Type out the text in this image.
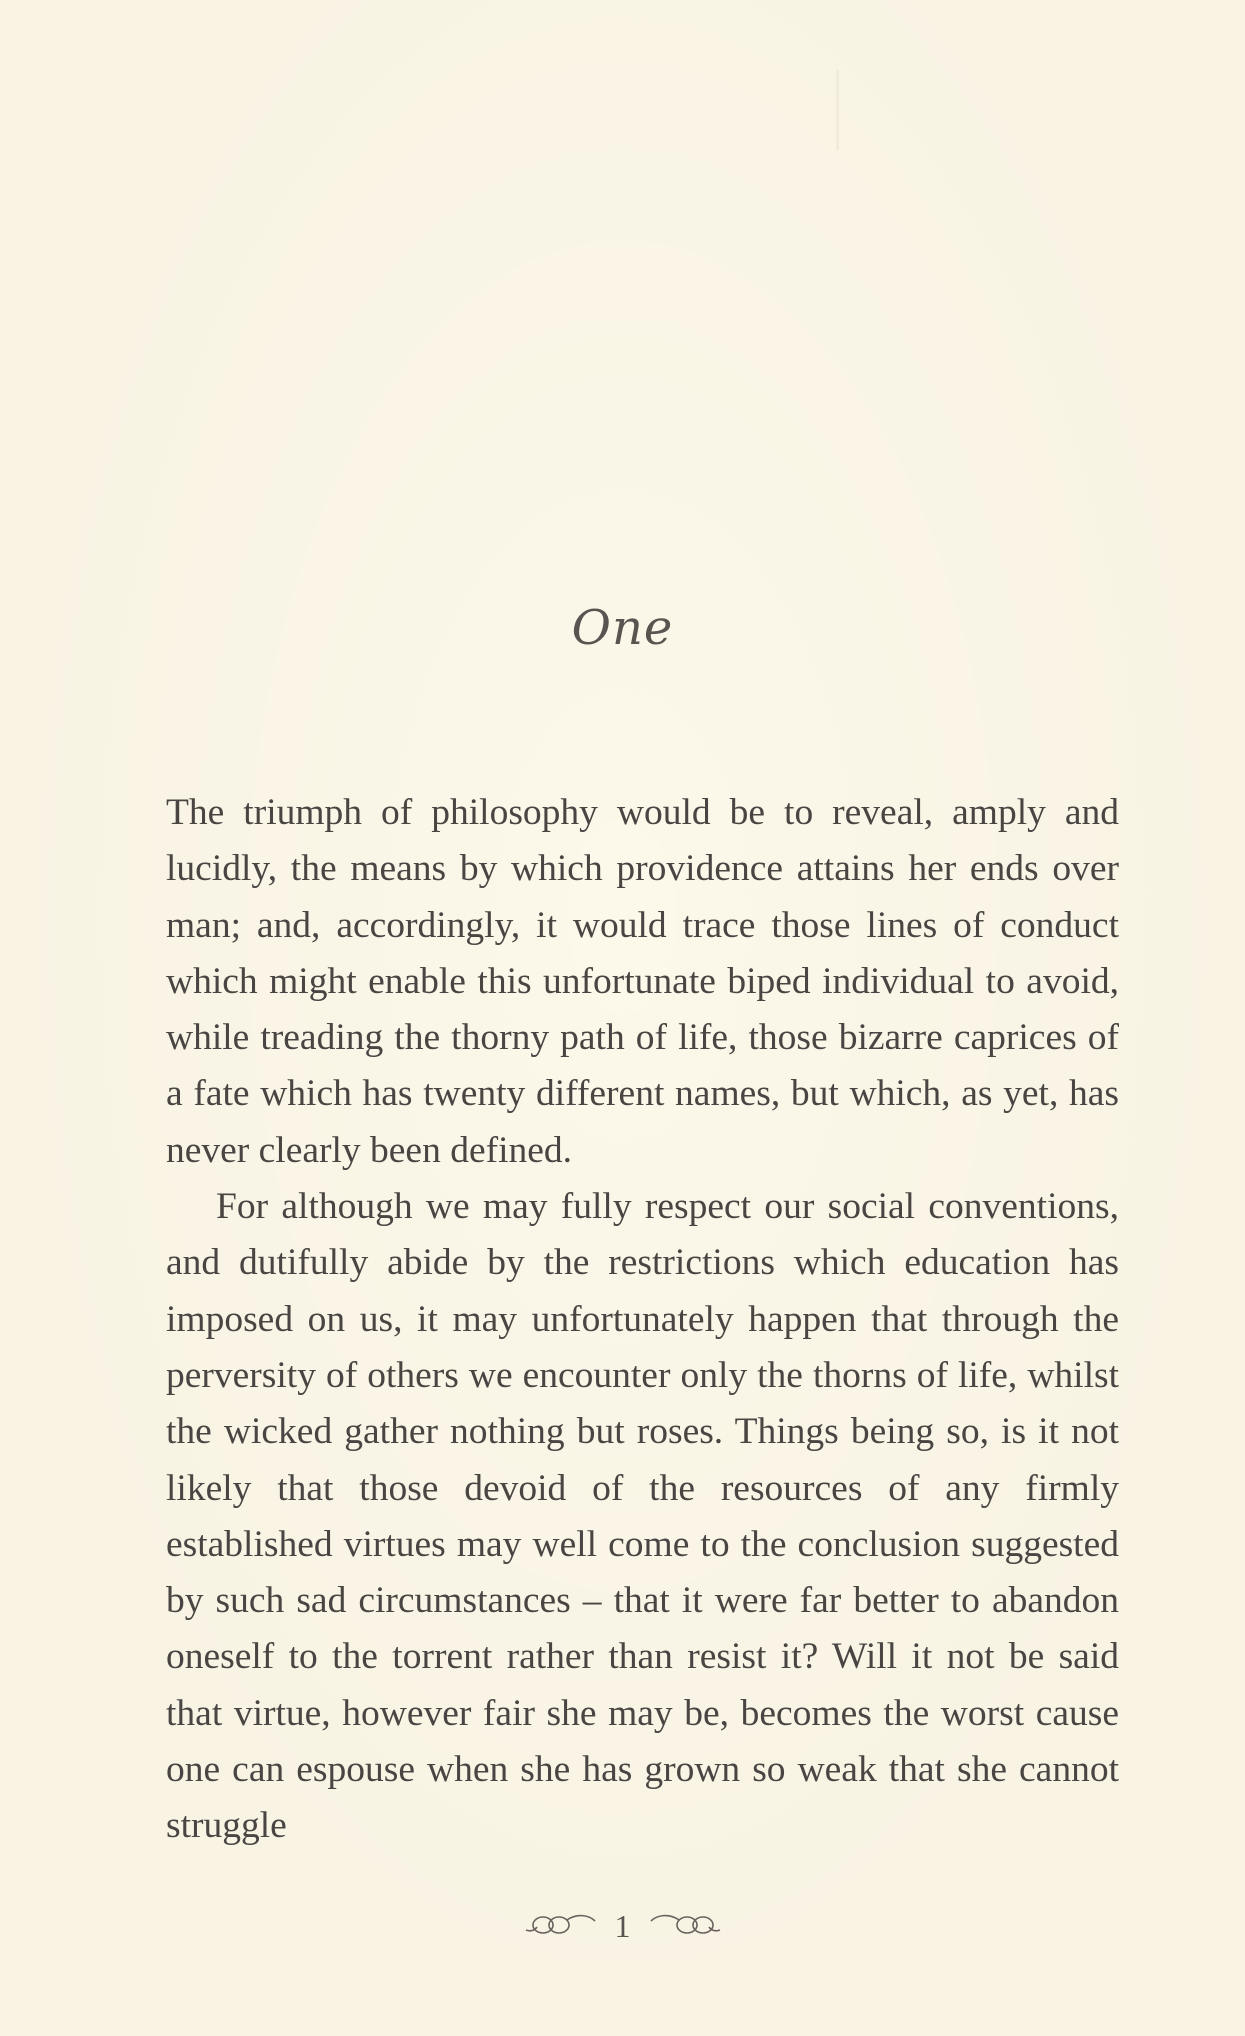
One

The triumph of philosophy would be to reveal, amply and lucidly, the means by which providence attains her ends over man; and, accordingly, it would trace those lines of conduct which might enable this unfortunate biped individual to avoid, while treading the thorny path of life, those bizarre caprices of a fate which has twenty different names, but which, as yet, has never clearly been defined.

For although we may fully respect our social conventions, and dutifully abide by the restrictions which education has imposed on us, it may unfortunately happen that through the perversity of others we encounter only the thorns of life, whilst the wicked gather nothing but roses. Things being so, is it not likely that those devoid of the resources of any firmly established virtues may well come to the conclusion suggested by such sad circumstances – that it were far better to abandon oneself to the torrent rather than resist it? Will it not be said that virtue, however fair she may be, becomes the worst cause one can espouse when she has grown so weak that she cannot struggle

1
